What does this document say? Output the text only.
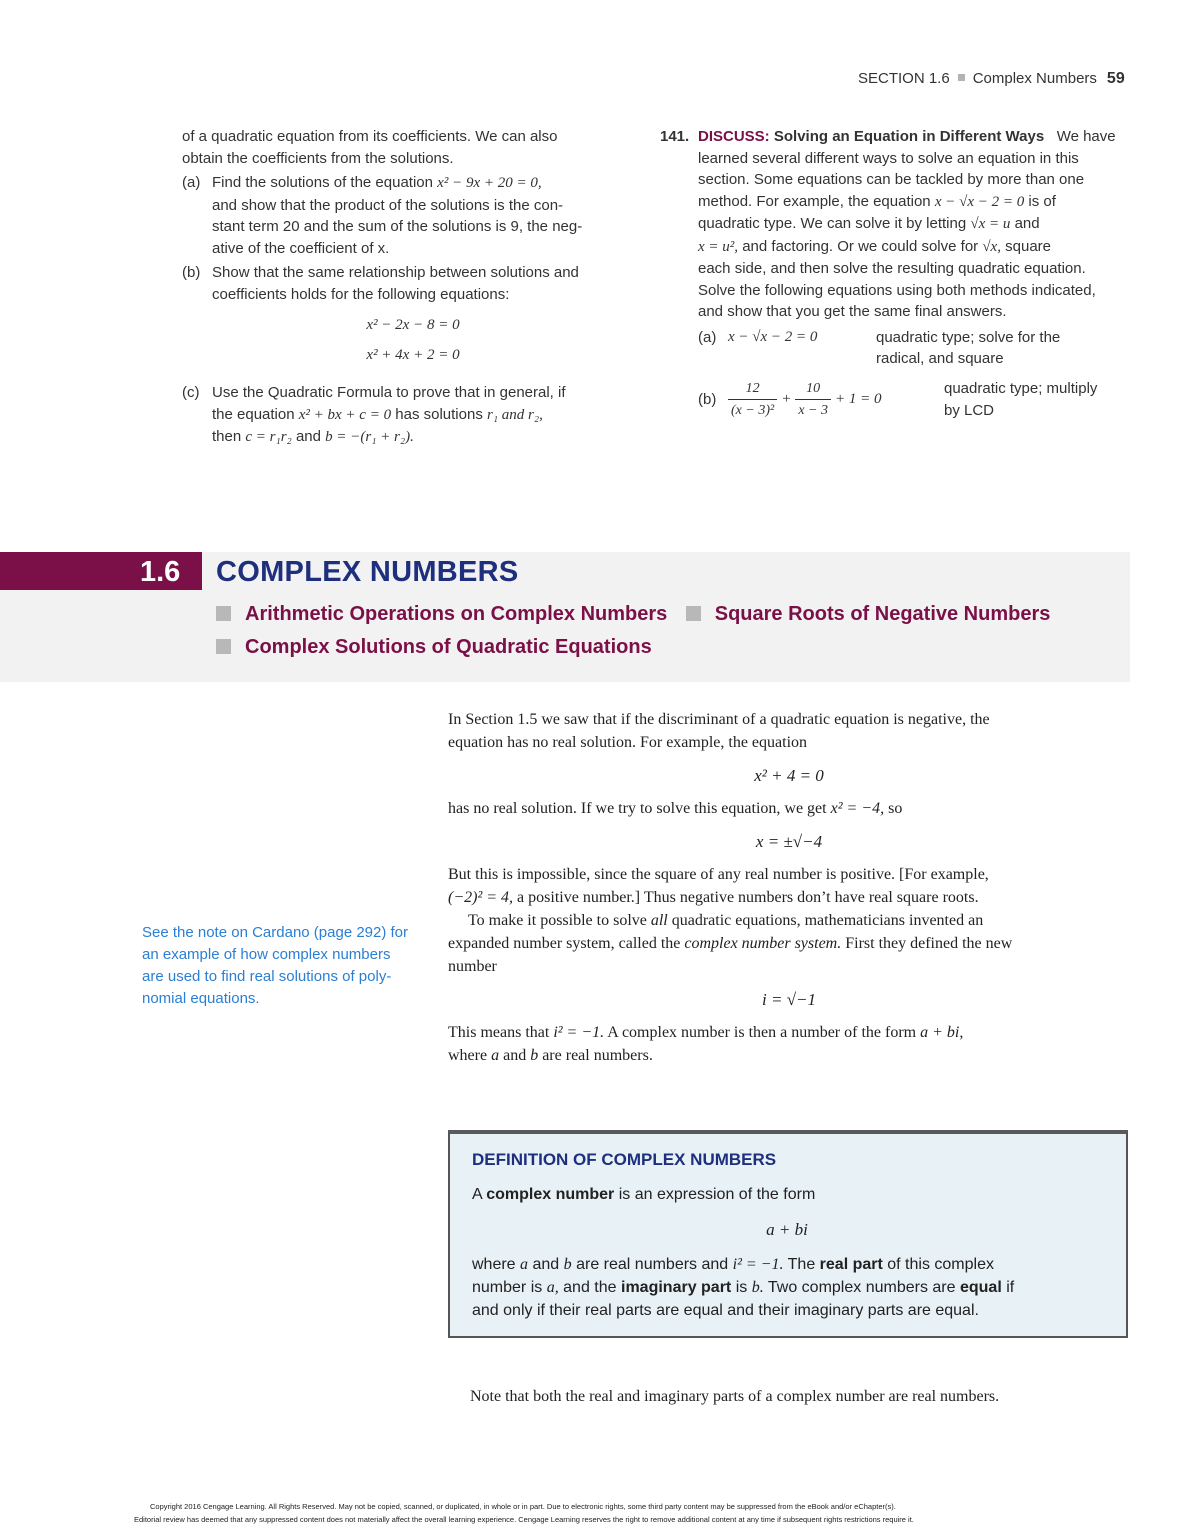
SECTION 1.6 Complex Numbers 59
of a quadratic equation from its coefficients. We can also
obtain the coefficients from the solutions.
(a) Find the solutions of the equation x² − 9x + 20 = 0,
and show that the product of the solutions is the con-
stant term 20 and the sum of the solutions is 9, the neg-
ative of the coefficient of x.
(b) Show that the same relationship between solutions and
coefficients holds for the following equations:
x² − 2x − 8 = 0
x² + 4x + 2 = 0
(c) Use the Quadratic Formula to prove that in general, if
the equation x² + bx + c = 0 has solutions r₁ and r₂,
then c = r₁r₂ and b = −(r₁ + r₂).
141. DISCUSS: Solving an Equation in Different Ways We have
learned several different ways to solve an equation in this
section. Some equations can be tackled by more than one
method. For example, the equation x − √x − 2 = 0 is of
quadratic type. We can solve it by letting √x = u and
x = u², and factoring. Or we could solve for √x, square
each side, and then solve the resulting quadratic equation.
Solve the following equations using both methods indicated,
and show that you get the same final answers.
(a) x − √x − 2 = 0	quadratic type; solve for the
radical, and square
$(b) \frac{12}{\text{(x − 3)²}} + \frac{10}{x - 3} + 1 = 0$
quadratic type; multiply
by LCD
1.6 COMPLEX NUMBERS
Arithmetic Operations on Complex Numbers Square Roots of Negative Numbers
Complex Solutions of Quadratic Equations

In Section 1.5 we saw that if the discriminant of a quadratic equation is negative, the

equation has no real solution. For example, the equation

x² + 4 = 0

has no real solution. If we try to solve this equation, we get x² = −4, so

x = ±√−4

But this is impossible, since the square of any real number is positive. [For example,

(−2)² = 4, a positive number.] Thus negative numbers don’t have real square roots.

To make it possible to solve all quadratic equations, mathematicians invented an

expanded number system, called the complex number system. First they defined the new

number

i = √−1

This means that i² = −1. A complex number is then a number of the form a + bi,

where a and b are real numbers.

See the note on Cardano (page 292) for
an example of how complex numbers
are used to find real solutions of poly-
nomial equations.
DEFINITION OF COMPLEX NUMBERS

A complex number is an expression of the form

a + bi

where a and b are real numbers and i² = −1. The real part of this complex

number is a, and the imaginary part is b. Two complex numbers are equal if

and only if their real parts are equal and their imaginary parts are equal.

Note that both the real and imaginary parts of a complex number are real numbers.
Copyright 2016 Cengage Learning. All Rights Reserved. May not be copied, scanned, or duplicated, in whole or in part. Due to electronic rights, some third party content may be suppressed from the eBook and/or eChapter(s).
Editorial review has deemed that any suppressed content does not materially affect the overall learning experience. Cengage Learning reserves the right to remove additional content at any time if subsequent rights restrictions require it.
